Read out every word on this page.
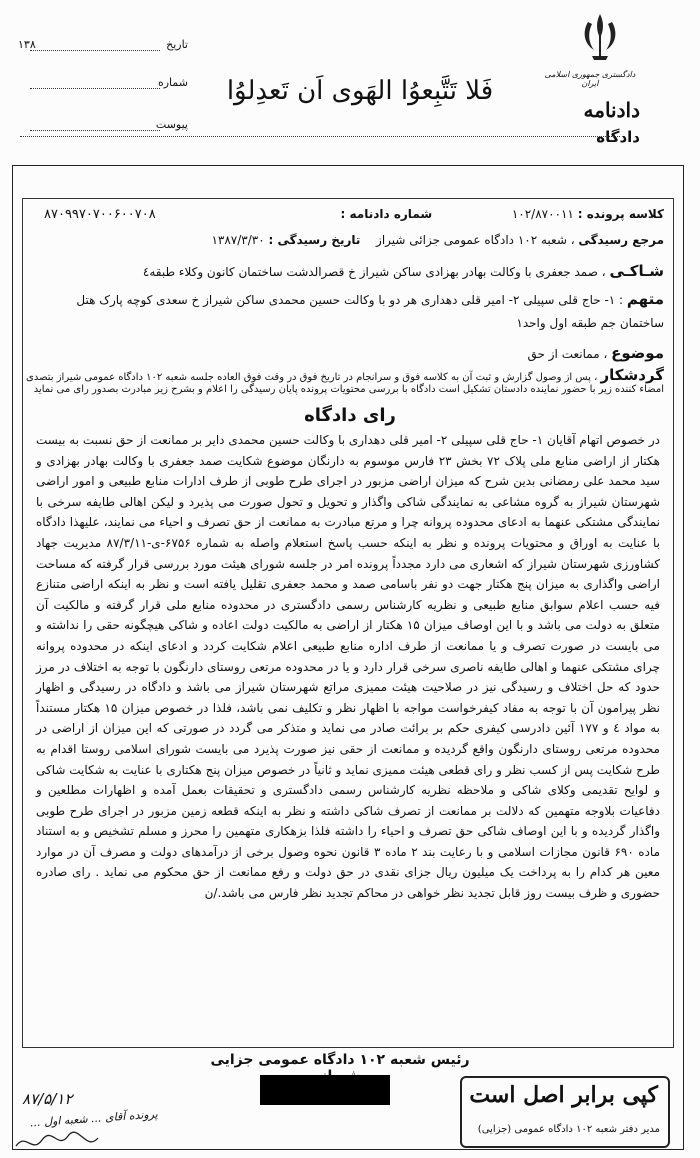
دادگستری جمهوری اسلامی ایران
دادنامه
دادگاه
فَلا تَتَّبِعوُا الهَوی اَن تَعدِلوُا
تاریخ
۱۳۸
شماره
پیوست
کلاسه پرونده : ۱۰۲/۸۷۰۰۱۱  شماره دادنامه :
۸۷۰۹۹۷۰۷۰۰۶۰۰۷۰۸
مرجع رسیدگی ، شعبه ۱۰۲ دادگاه عمومی جزائی شیراز  تاریخ رسیدگی : ۱۳۸۷/۳/۳۰
شـاكـی ، صمد جعفری با وکالت بهادر بهزادی ساکن شیراز خ قصرالدشت ساختمان کانون وکلاء طبقه٤
متهم : ۱- حاج قلی سپیلی ۲- امیر قلی دهداری هر دو با وکالت حسین محمدی ساکن شیراز خ سعدی کوچه پارک هتل
ساختمان جم طبقه اول واحد۱
موضوع ، ممانعت از حق
گردشكار ، پس از وصول گزارش و ثبت آن به کلاسه فوق و سرانجام در تاریخ فوق در وقت فوق العاده جلسه شعبه ۱۰۲ دادگاه عمومی شیراز بتصدی
امضاء کننده زیر با حضور نماینده دادستان تشکیل است دادگاه با بررسی محتویات پرونده پایان رسیدگی را اعلام و بشرح زیر مبادرت بصدور رای می نماید
رای دادگاه

در خصوص اتهام آقایان ۱- حاج قلی سپیلی ۲- امیر قلی دهداری با وکالت حسین محمدی دایر بر ممانعت از حق نسبت به بیست هکتار از اراضی منابع ملی پلاک ۷۲ بخش ۲۳ فارس موسوم به دارنگان موضوع شکایت صمد جعفری با وکالت بهادر بهزادی و سید محمد علی رمضانی بدین شرح که میزان اراضی مزبور در اجرای طرح طوبی از طرف ادارات منابع طبیعی و امور اراضی شهرستان شیراز به گروه مشاعی به نمایندگی شاکی واگذار و تحویل و تحول صورت می پذیرد و لیکن اهالی طایفه سرخی با نمایندگی مشتکی عنهما به ادعای محدوده پروانه چرا و مرتع مبادرت به ممانعت از حق تصرف و احیاء می نمایند، علیهذا دادگاه با عنایت به اوراق و محتویات پرونده و نظر به اینکه حسب پاسخ استعلام واصله به شماره ۶۷۵۶-ی-۸۷/۳/۱۱ مدیریت جهاد کشاورزی شهرستان شیراز که اشعاری می دارد مجدداً پرونده امر در جلسه شورای هیئت مورد بررسی قرار گرفته که مساحت اراضی واگذاری به میزان پنج هکتار جهت دو نفر باسامی صمد و محمد جعفری تقلیل یافته است و نظر به اینکه اراضی متنازع فیه حسب اعلام سوابق منابع طبیعی و نظریه کارشناس رسمی دادگستری در محدوده منابع ملی قرار گرفته و مالکیت آن متعلق به دولت می باشد و با این اوصاف میزان ۱۵ هکتار از اراضی به مالکیت دولت اعاده و شاکی هیچگونه حقی را نداشته و می بایست در صورت تصرف و یا ممانعت از طرف اداره منابع طبیعی اعلام شکایت کردد و ادعای اینکه در محدوده پروانه چرای مشتکی عنهما و اهالی طایفه ناصری سرخی قرار دارد و یا در محدوده مرتعی روستای دارنگون با توجه به اختلاف در مرز حدود که حل اختلاف و رسیدگی نیز در صلاحیت هیئت ممیزی مراتع شهرستان شیراز می باشد و دادگاه در رسیدگی و اظهار نظر پیرامون آن با توجه به مفاد کیفرخواست مواجه با اظهار نظر و تکلیف نمی باشد، فلذا در خصوص میزان ۱۵ هکتار مستنداً به مواد ٤ و ۱۷۷ آئین دادرسی کیفری حکم بر برائت صادر می نماید و متذکر می گردد در صورتی که این میزان از اراضی در محدوده مرتعی روستای دارنگون واقع گردیده و ممانعت از حقی نیز صورت پذیرد می بایست شورای اسلامی روستا اقدام به طرح شکایت پس از کسب نظر و رای قطعی هیئت ممیزی نماید و ثانیاً در خصوص میزان پنج هکتاری با عنایت به شکایت شاکی و لوایح تقدیمی وکلای شاکی و ملاحظه نظریه کارشناس رسمی دادگستری و تحقیقات بعمل آمده و اظهارات مطلعین و دفاعیات بلاوجه متهمین که دلالت بر ممانعت از تصرف شاکی داشته و نظر به اینکه قطعه زمین مزبور در اجرای طرح طوبی واگذار گردیده و با این اوصاف شاکی حق تصرف و احیاء را داشته فلذا بزهکاری متهمین را محرز و مسلم تشخیص و به استناد ماده ۶۹۰ قانون مجازات اسلامی و با رعایت بند ۲ ماده ۳ قانون نحوه وصول برخی از درآمدهای دولت و مصرف آن در موارد معین هر کدام را به پرداخت یک میلیون ریال جزای نقدی در حق دولت و رفع ممانعت از حق محکوم می نماید . رای صادره حضوری و ظرف بیست روز قابل تجدید نظر خواهی در محاکم تجدید نظر فارس می باشد./ن

رئیس شعبه ۱۰۲ دادگاه عمومی جزایی
کپی برابر اصل است
مدیر دفتر شعبه ۱۰۲ دادگاه عمومی (جزایی)
۸۷/۵/۱۲
پرونده آقای ... شعبه اول ...
